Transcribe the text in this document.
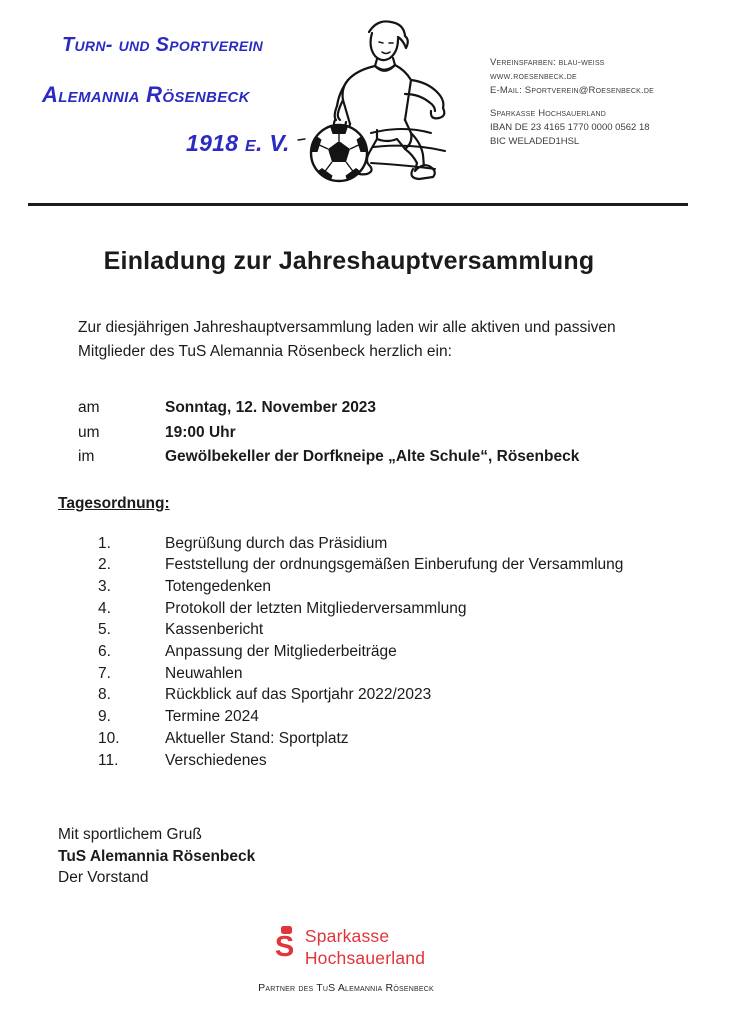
Turn- und Sportverein
Alemannia Rösenbeck
1918 e. V.
Vereinsfarben: blau-weiß
www.roesenbeck.de
E-Mail: Sportverein@Roesenbeck.de
Sparkasse Hochsauerland
IBAN DE 23 4165 1770 0000 0562 18
BIC WELADED1HSL
Einladung zur Jahreshauptversammlung

Zur diesjährigen Jahreshauptversammlung laden wir alle aktiven und passiven Mitglieder des TuS Alemannia Rösenbeck herzlich ein:

am	Sonntag, 12. November 2023
um	19:00 Uhr
im	Gewölbekeller der Dorfkneipe „Alte Schule“, Rösenbeck
Tagesordnung:
1.	Begrüßung durch das Präsidium
2.	Feststellung der ordnungsgemäßen Einberufung der Versammlung
3.	Totengedenken
4.	Protokoll der letzten Mitgliederversammlung
5.	Kassenbericht
6.	Anpassung der Mitgliederbeiträge
7.	Neuwahlen
8.	Rückblick auf das Sportjahr 2022/2023
9.	Termine 2024
10.	Aktueller Stand: Sportplatz
11.	Verschiedenes
Mit sportlichem Gruß
TuS Alemannia Rösenbeck
Der Vorstand
S Sparkasse
Hochsauerland
Partner des TuS Alemannia Rösenbeck
